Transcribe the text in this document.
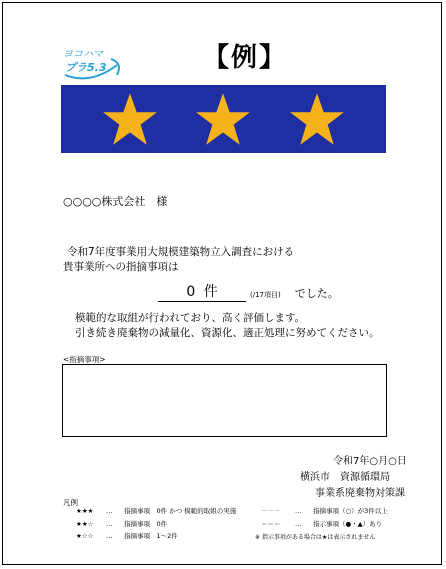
ヨコハマ
プラ5.3	【例】
○○○○株式会社　様
令和7年度事業用大規模建築物立入調査における
貴事業所への指摘事項は
0 件	(/17項目) でした。
模範的な取組が行われており、高く評価します。
引き続き廃棄物の減量化、資源化、適正処理に努めてください。
<指摘事項>
令和7年○月○日
横浜市　資源循環局
事業系廃棄物対策課
凡例
★★★ … 指摘事項　0件 かつ 模範的取組の実施
★★☆ … 指摘事項　0件
★☆☆ … 指摘事項　1～2件
－－－ … 指摘事項（○）が3件以上
＝＝＝ … 指示事項（●・▲）あり
※ 指示事項がある場合は★は表示されません
